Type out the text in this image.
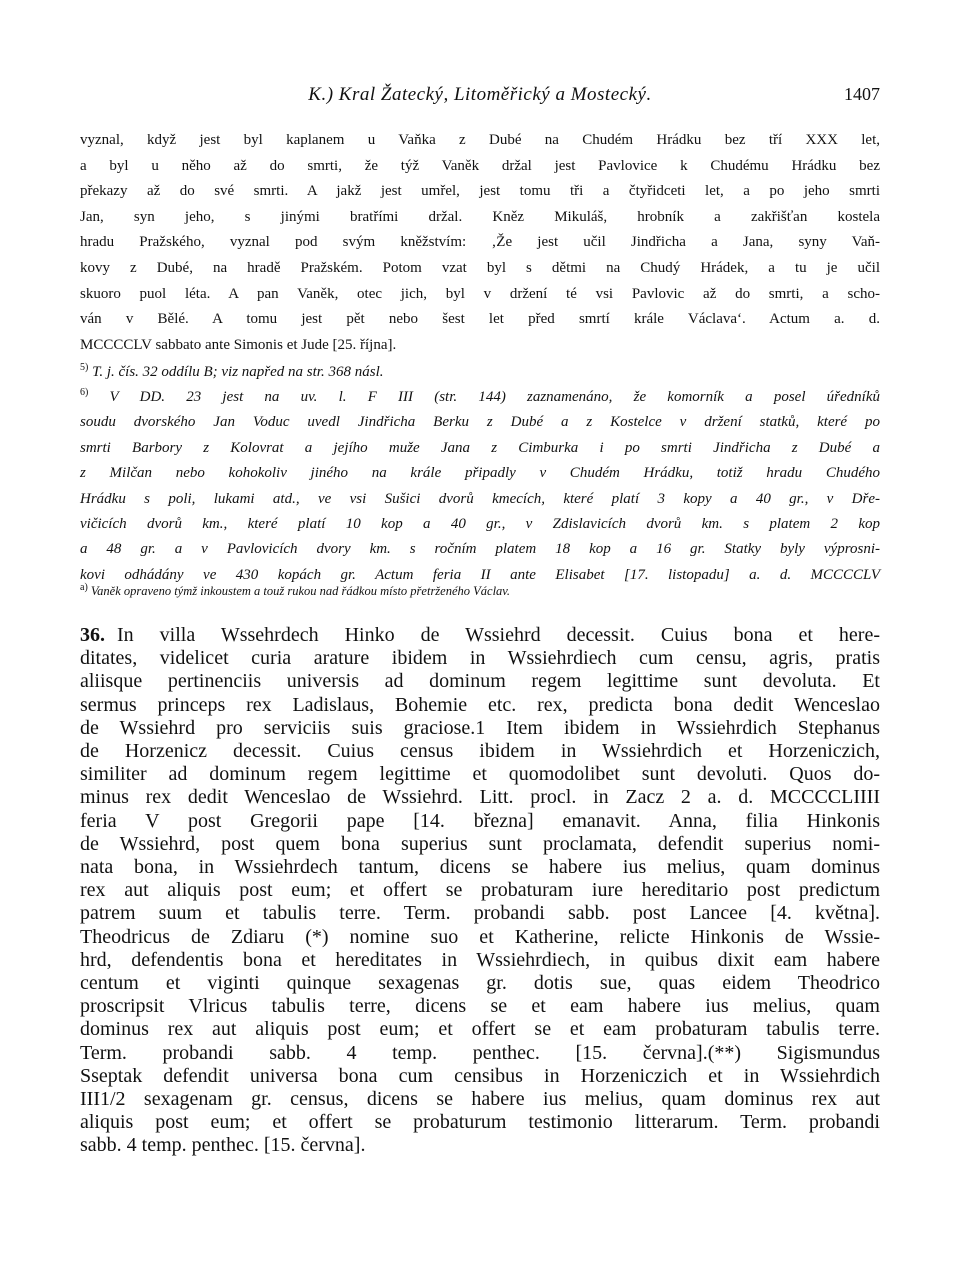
K.) Kral Žatecký, Litoměřický a Mostecký.	1407
vyznal, když jest byl kaplanem u Vaňka z Dubé na Chudém Hrádku bez tří XXX let,
a byl u něho až do smrti, že týž Vaněk držal jest Pavlovice k Chudému Hrádku bez
překazy až do své smrti. A jakž jest umřel, jest tomu tři a čtyřidceti let, a po jeho smrti
Jan, syn jeho, s jinými bratřími držal. Kněz Mikuláš, hrobník a zakřišťan kostela
hradu Pražského, vyznal pod svým kněžstvím: ‚Že jest učil Jindřicha a Jana, syny Vaň-
kovy z Dubé, na hradě Pražském. Potom vzat byl s dětmi na Chudý Hrádek, a tu je učil
skuoro puol léta. A pan Vaněk, otec jich, byl v držení té vsi Pavlovic až do smrti, a scho-
ván v Bělé. A tomu jest pět nebo šest let před smrtí krále Václava‘. Actum a. d.
MCCCCLV sabbato ante Simonis et Jude [25. října].
$^{5)}$ T. j. čís. 32 oddílu B; viz napřed na str. 368 násl.
$^{6)}$ V DD. 23 jest na uv. l. F III (str. 144) zaznamenáno, že komorník a posel úředníků
soudu dvorského Jan Voduc uvedl Jindřicha Berku z Dubé a z Kostelce v držení statků, které po
smrti Barbory z Kolovrat a jejího muže Jana z Cimburka i po smrti Jindřicha z Dubé a
z Milčan nebo kohokoliv jiného na krále připadly v Chudém Hrádku, totiž hradu Chudého
Hrádku s poli, lukami atd., ve vsi Sušici dvorů kmecích, které platí 3 kopy a 40 gr., v Dře-
vičicích dvorů km., které platí 10 kop a 40 gr., v Zdislavicích dvorů km. s platem 2 kop
a 48 gr. a v Pavlovicích dvory km. s ročním platem 18 kop a 16 gr. Statky byly výprosni-
kovi odhádány ve 430 kopách gr. Actum feria II ante Elisabet [17. listopadu] a. d. MCCCCLV
$^{a)}$ Vaněk opraveno týmž inkoustem a touž rukou nad řádkou místo přetrženého Václav.
36. In villa Wssehrdech Hinko de Wssiehrd decessit. Cuius bona et here-
ditates, videlicet curia arature ibidem in Wssiehrdiech cum censu, agris, pratis
aliisque pertinenciis universis ad dominum regem legittime sunt devoluta. Et
sermus princeps rex Ladislaus, Bohemie etc. rex, predicta bona dedit Wenceslao
de Wssiehrd pro serviciis suis graciose.1 Item ibidem in Wssiehrdich Stephanus
de Horzenicz decessit. Cuius census ibidem in Wssiehrdich et Horzeniczich,
similiter ad dominum regem legittime et quomodolibet sunt devoluti. Quos do-
minus rex dedit Wenceslao de Wssiehrd. Litt. procl. in Zacz 2 a. d. MCCCCLIIII
feria V post Gregorii pape [14. března] emanavit. Anna, filia Hinkonis
de Wssiehrd, post quem bona superius sunt proclamata, defendit superius nomi-
nata bona, in Wssiehrdech tantum, dicens se habere ius melius, quam dominus
rex aut aliquis post eum; et offert se probaturam iure hereditario post predictum
patrem suum et tabulis terre. Term. probandi sabb. post Lancee [4. května].
Theodricus de Zdiaru (*) nomine suo et Katherine, relicte Hinkonis de Wssie-
hrd, defendentis bona et hereditates in Wssiehrdiech, in quibus dixit eam habere
centum et viginti quinque sexagenas gr. dotis sue, quas eidem Theodrico
proscripsit Vlricus tabulis terre, dicens se et eam habere ius melius, quam
dominus rex aut aliquis post eum; et offert se et eam probaturam tabulis terre.
Term. probandi sabb. 4 temp. penthec. [15. června].(**) Sigismundus
Sseptak defendit universa bona cum censibus in Horzeniczich et in Wssiehrdich
III1/2 sexagenam gr. census, dicens se habere ius melius, quam dominus rex aut
aliquis post eum; et offert se probaturum testimonio litterarum. Term. probandi
sabb. 4 temp. penthec. [15. června].
